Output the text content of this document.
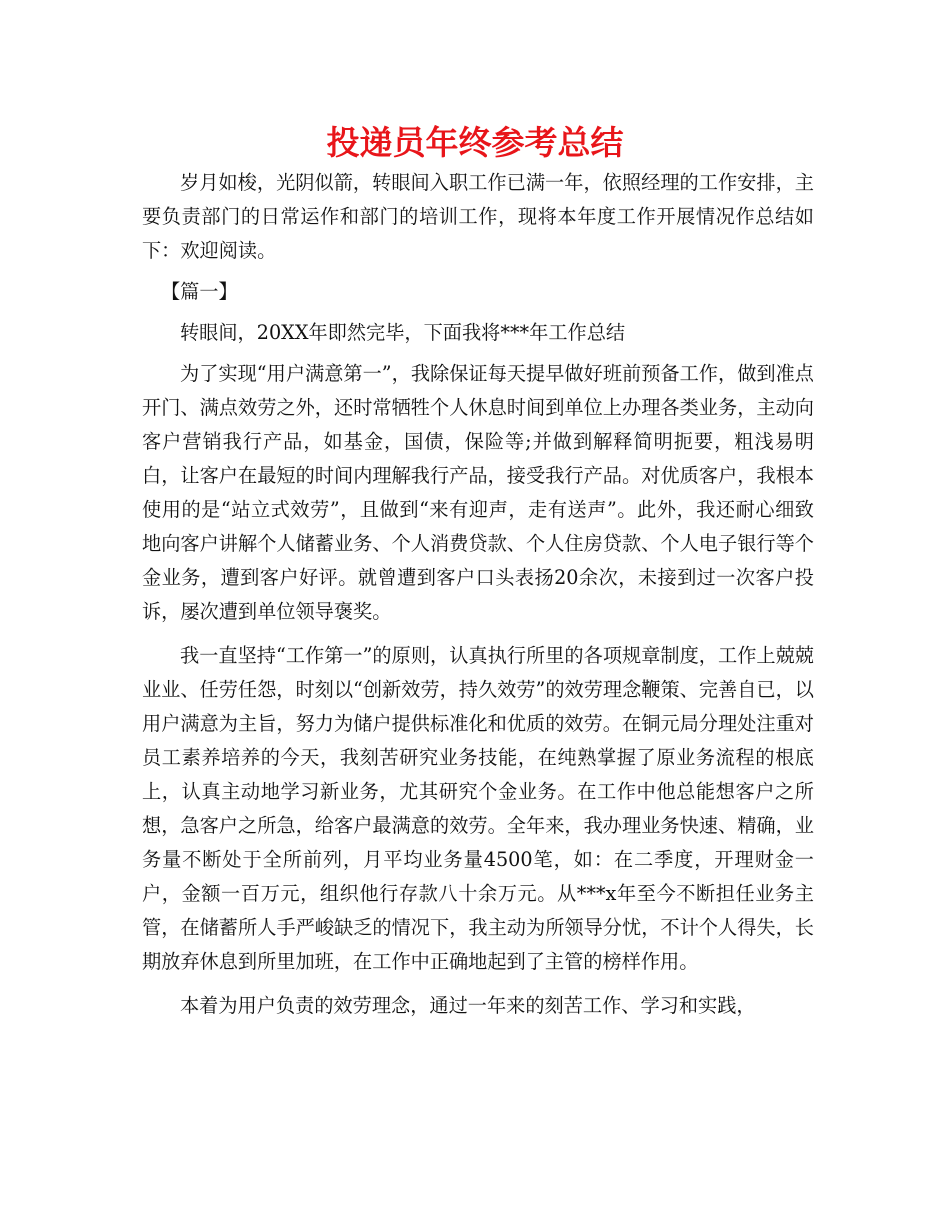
投递员年终参考总结

岁月如梭，光阴似箭，转眼间入职工作已满一年，依照经理的工作安排，主要负责部门的日常运作和部门的培训工作，现将本年度工作开展情况作总结如下：欢迎阅读。

【篇一】

转眼间，20XX年即然完毕，下面我将***年工作总结

为了实现“用户满意第一”，我除保证每天提早做好班前预备工作，做到准点开门、满点效劳之外，还时常牺牲个人休息时间到单位上办理各类业务，主动向客户营销我行产品，如基金，国债，保险等;并做到解释简明扼要，粗浅易明白，让客户在最短的时间内理解我行产品，接受我行产品。对优质客户，我根本使用的是“站立式效劳”，且做到“来有迎声，走有送声”。此外，我还耐心细致地向客户讲解个人储蓄业务、个人消费贷款、个人住房贷款、个人电子银行等个金业务，遭到客户好评。就曾遭到客户口头表扬20余次，未接到过一次客户投诉，屡次遭到单位领导褒奖。

我一直坚持“工作第一”的原则，认真执行所里的各项规章制度，工作上兢兢业业、任劳任怨，时刻以“创新效劳，持久效劳”的效劳理念鞭策、完善自已，以用户满意为主旨，努力为储户提供标准化和优质的效劳。在铜元局分理处注重对员工素养培养的今天，我刻苦研究业务技能，在纯熟掌握了原业务流程的根底上，认真主动地学习新业务，尤其研究个金业务。在工作中他总能想客户之所想，急客户之所急，给客户最满意的效劳。全年来，我办理业务快速、精确，业务量不断处于全所前列，月平均业务量4500笔，如：在二季度，开理财金一户，金额一百万元，组织他行存款八十余万元。从***x年至今不断担任业务主管，在储蓄所人手严峻缺乏的情况下，我主动为所领导分忧，不计个人得失，长期放弃休息到所里加班，在工作中正确地起到了主管的榜样作用。

本着为用户负责的效劳理念，通过一年来的刻苦工作、学习和实践，
